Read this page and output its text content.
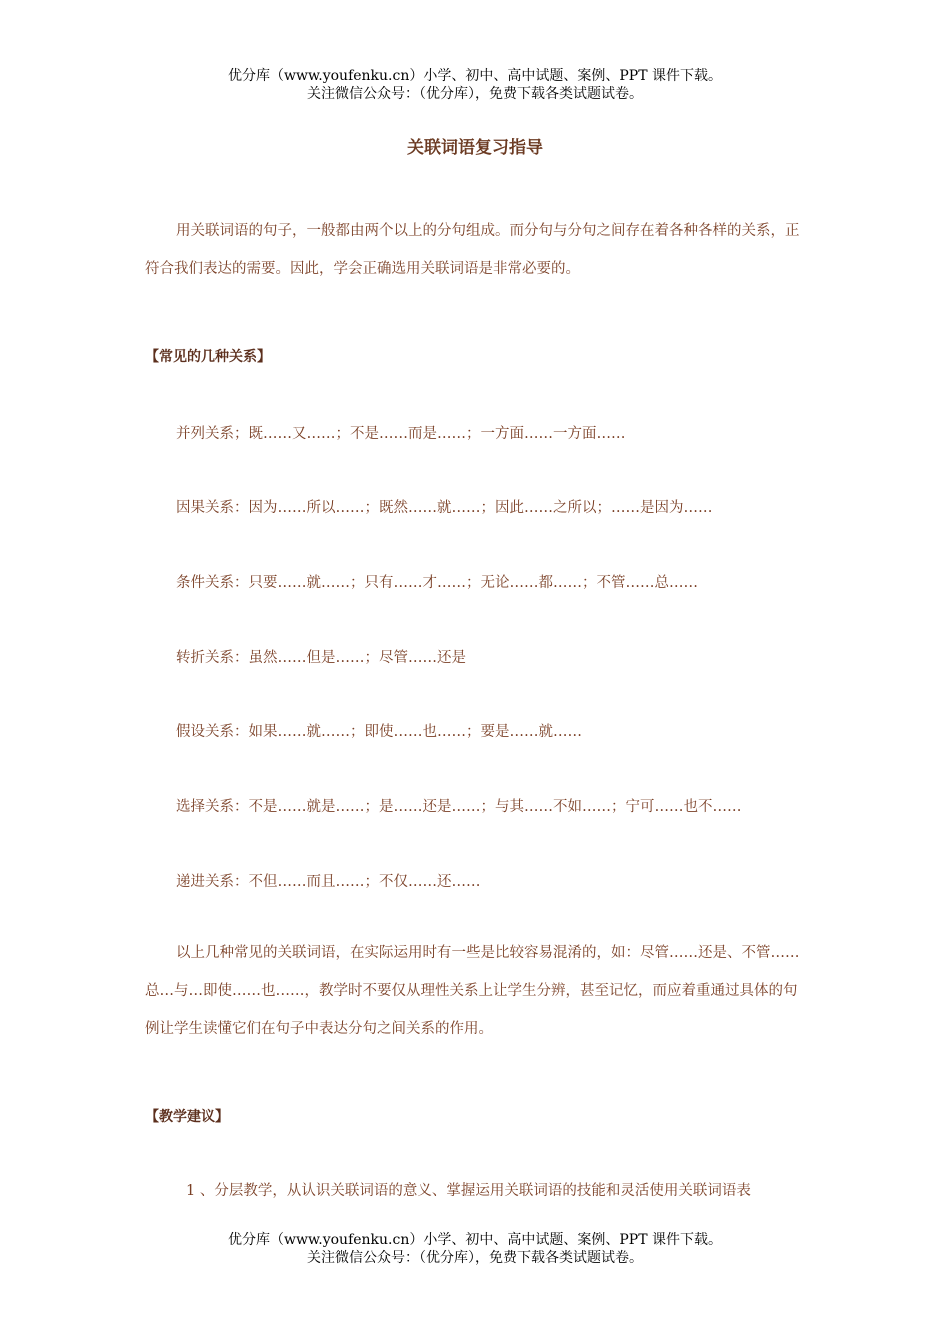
优分库（www.youfenku.cn）小学、初中、高中试题、案例、PPT 课件下载。
关注微信公众号：（优分库），免费下载各类试题试卷。
关联词语复习指导
用关联词语的句子，一般都由两个以上的分句组成。而分句与分句之间存在着各种各样的关系，正符合我们表达的需要。因此，学会正确选用关联词语是非常必要的。
【常见的几种关系】
并列关系；既……又……；不是……而是……；一方面……一方面……
因果关系：因为……所以……；既然……就……；因此……之所以；……是因为……
条件关系：只要……就……；只有……才……；无论……都……；不管……总……
转折关系：虽然……但是……；尽管……还是
假设关系：如果……就……；即使……也……；要是……就……
选择关系：不是……就是……；是……还是……；与其……不如……；宁可……也不……
递进关系：不但……而且……；不仅……还……
以上几种常见的关联词语，在实际运用时有一些是比较容易混淆的，如：尽管……还是、不管……总…与…即使……也……，教学时不要仅从理性关系上让学生分辨，甚至记忆，而应着重通过具体的句例让学生读懂它们在句子中表达分句之间关系的作用。
【教学建议】
1 、分层教学，从认识关联词语的意义、掌握运用关联词语的技能和灵活使用关联词语表
优分库（www.youfenku.cn）小学、初中、高中试题、案例、PPT 课件下载。
关注微信公众号：（优分库），免费下载各类试题试卷。
